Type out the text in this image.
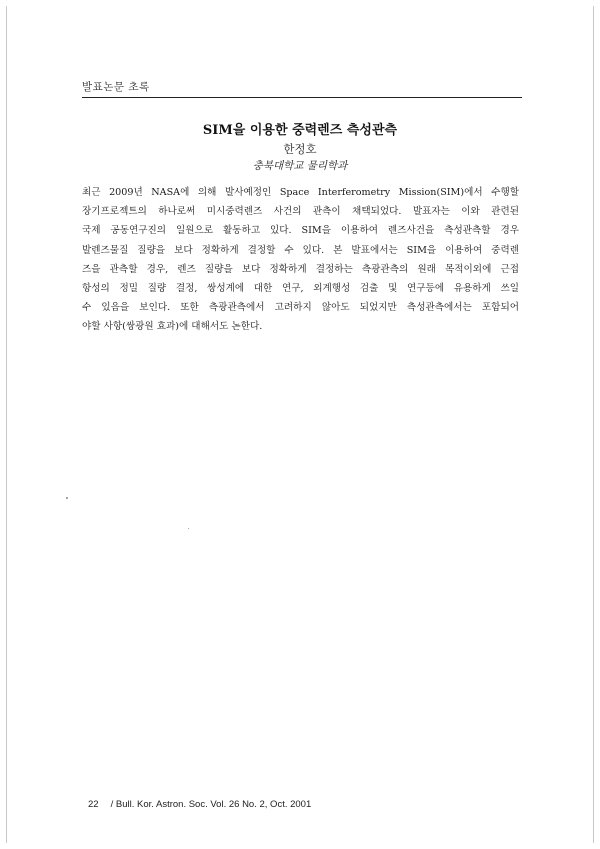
발표논문 초록
SIM을 이용한 중력렌즈 측성관측
한정호
충북대학교 물리학과
최근 2009년 NASA에 의해 발사예정인 Space Interferometry Mission(SIM)에서 수행할
장기프로젝트의 하나로써 미시중력렌즈 사건의 관측이 채택되었다. 발표자는 이와 관련된
국제 공동연구진의 일원으로 활동하고 있다. SIM을 이용하여 렌즈사건을 측성관측할 경우
발렌즈물질 질량을 보다 정확하게 결정할 수 있다. 본 발표에서는 SIM을 이용하여 중력렌
즈을 관측할 경우, 렌즈 질량을 보다 정확하게 결정하는 측광관측의 원래 목적이외에 근접
항성의 정밀 질량 결정, 쌍성계에 대한 연구, 외계행성 검출 및 연구등에 유용하게 쓰일
수 있음을 보인다. 또한 측광관측에서 고려하지 않아도 되었지만 측성관측에서는 포함되어
야할 사항(쌍광원 효과)에 대해서도 논한다.
22 / Bull. Kor. Astron. Soc. Vol. 26 No. 2, Oct. 2001
